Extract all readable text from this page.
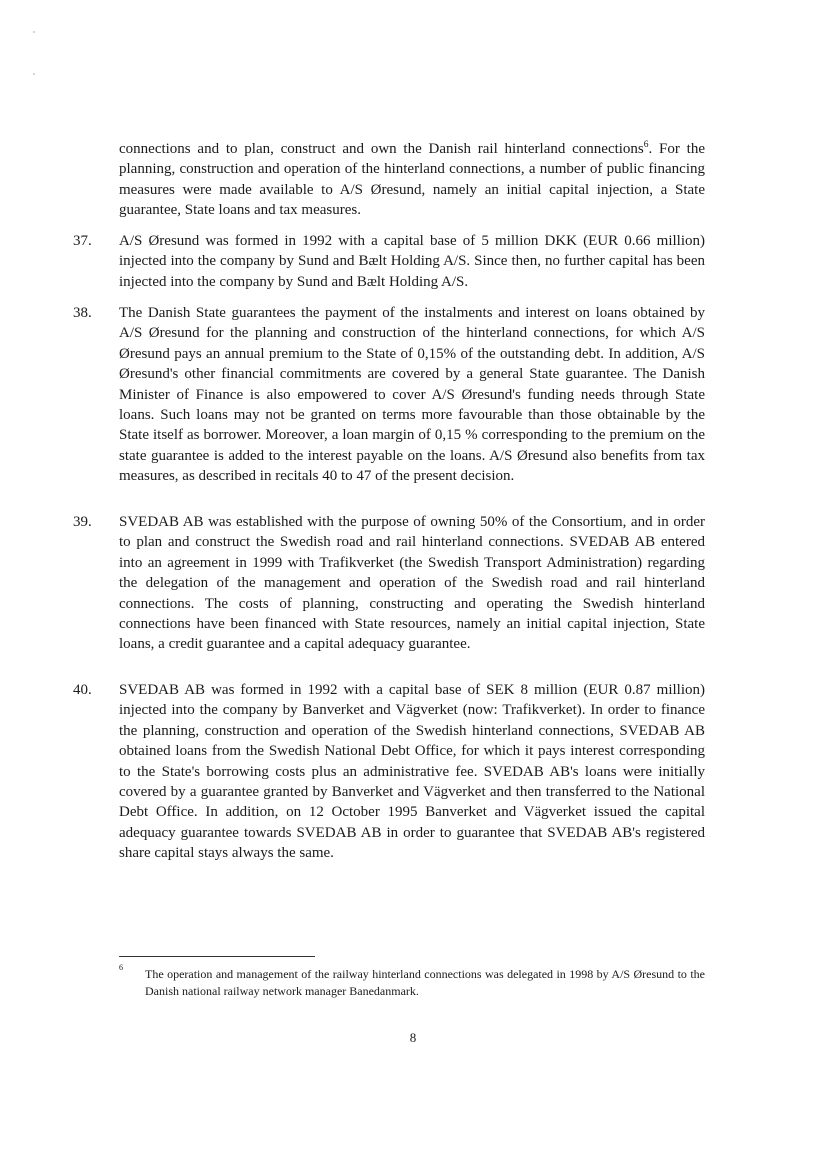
connections and to plan, construct and own the Danish rail hinterland connections$^6$. For the planning, construction and operation of the hinterland connections, a number of public financing measures were made available to A/S Øresund, namely an initial capital injection, a State guarantee, State loans and tax measures.

37. A/S Øresund was formed in 1992 with a capital base of 5 million DKK (EUR 0.66 million) injected into the company by Sund and Bælt Holding A/S. Since then, no further capital has been injected into the company by Sund and Bælt Holding A/S.

38. The Danish State guarantees the payment of the instalments and interest on loans obtained by A/S Øresund for the planning and construction of the hinterland connections, for which A/S Øresund pays an annual premium to the State of 0,15% of the outstanding debt. In addition, A/S Øresund's other financial commitments are covered by a general State guarantee. The Danish Minister of Finance is also empowered to cover A/S Øresund's funding needs through State loans. Such loans may not be granted on terms more favourable than those obtainable by the State itself as borrower. Moreover, a loan margin of 0,15 % corresponding to the premium on the state guarantee is added to the interest payable on the loans. A/S Øresund also benefits from tax measures, as described in recitals 40 to 47 of the present decision.

39. SVEDAB AB was established with the purpose of owning 50% of the Consortium, and in order to plan and construct the Swedish road and rail hinterland connections. SVEDAB AB entered into an agreement in 1999 with Trafikverket (the Swedish Transport Administration) regarding the delegation of the management and operation of the Swedish road and rail hinterland connections. The costs of planning, constructing and operating the Swedish hinterland connections have been financed with State resources, namely an initial capital injection, State loans, a credit guarantee and a capital adequacy guarantee.

40. SVEDAB AB was formed in 1992 with a capital base of SEK 8 million (EUR 0.87 million) injected into the company by Banverket and Vägverket (now: Trafikverket). In order to finance the planning, construction and operation of the Swedish hinterland connections, SVEDAB AB obtained loans from the Swedish National Debt Office, for which it pays interest corresponding to the State's borrowing costs plus an administrative fee. SVEDAB AB's loans were initially covered by a guarantee granted by Banverket and Vägverket and then transferred to the National Debt Office. In addition, on 12 October 1995 Banverket and Vägverket issued the capital adequacy guarantee towards SVEDAB AB in order to guarantee that SVEDAB AB's registered share capital stays always the same.

6 The operation and management of the railway hinterland connections was delegated in 1998 by A/S Øresund to the Danish national railway network manager Banedanmark.

8
